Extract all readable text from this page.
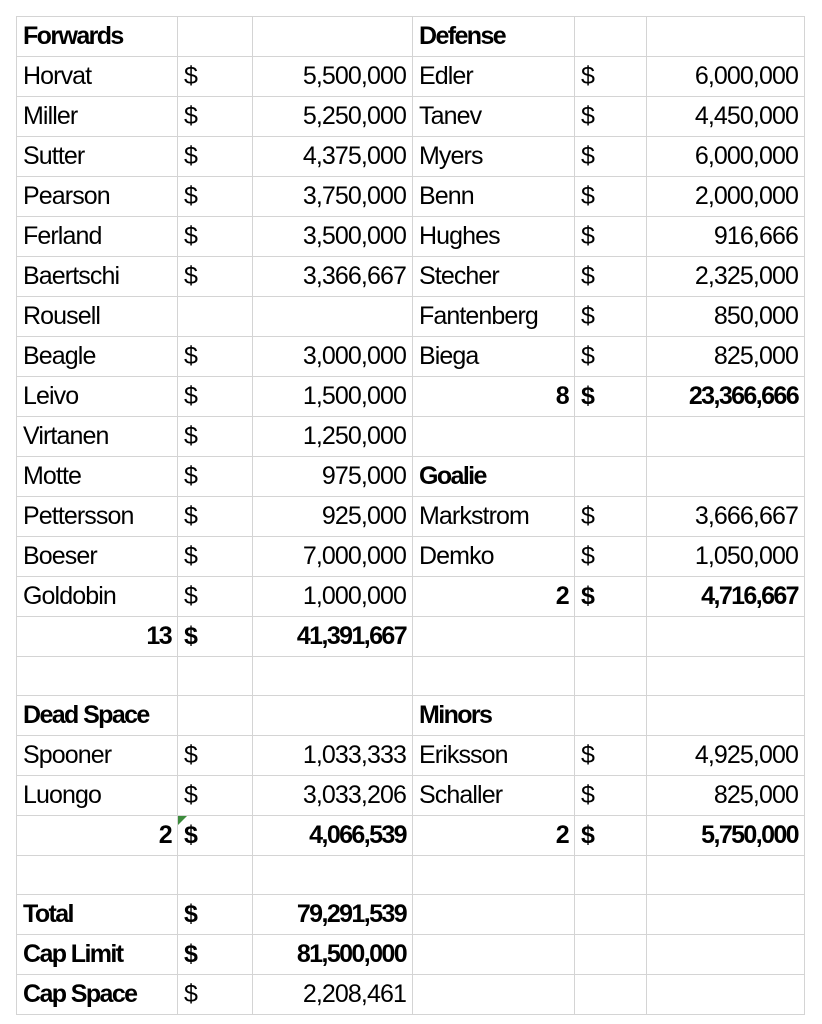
Forwards			Defense		
Horvat	$	5,500,000	Edler	$	6,000,000
Miller	$	5,250,000	Tanev	$	4,450,000
Sutter	$	4,375,000	Myers	$	6,000,000
Pearson	$	3,750,000	Benn	$	2,000,000
Ferland	$	3,500,000	Hughes	$	916,666
Baertschi	$	3,366,667	Stecher	$	2,325,000
Rousell			Fantenberg	$	850,000
Beagle	$	3,000,000	Biega	$	825,000
Leivo	$	1,500,000	8	$	23,366,666
Virtanen	$	1,250,000			
Motte	$	975,000	Goalie		
Pettersson	$	925,000	Markstrom	$	3,666,667
Boeser	$	7,000,000	Demko	$	1,050,000
Goldobin	$	1,000,000	2	$	4,716,667
13	$	41,391,667			

Dead Space			Minors		
Spooner	$	1,033,333	Eriksson	$	4,925,000
Luongo	$	3,033,206	Schaller	$	825,000
2	$	4,066,539	2	$	5,750,000

Total	$	79,291,539			
Cap Limit	$	81,500,000			
Cap Space	$	2,208,461			
